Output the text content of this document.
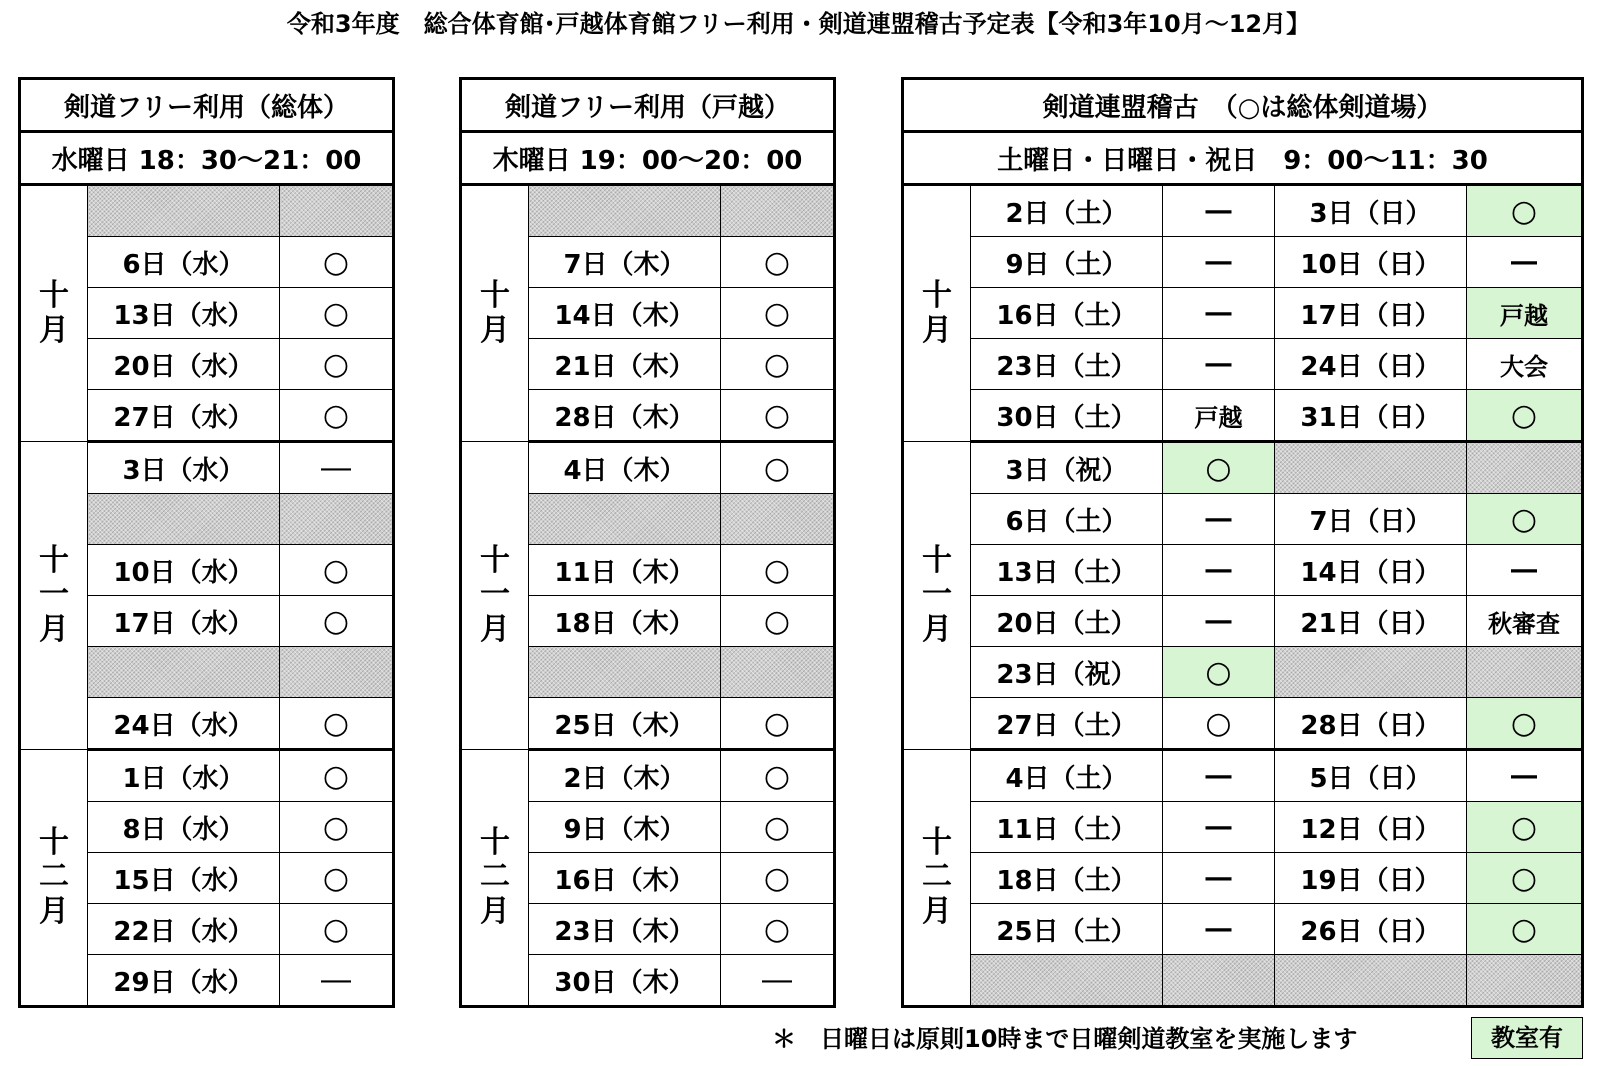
令和3年度　総合体育館･戸越体育館フリー利用・剣道連盟稽古予定表【令和3年10月～12月】
剣道フリー利用（総体）		
水曜日 18：30～21：00		
十
月		
	6日（水）	○
	13日（水）	○
	20日（水）	○
	27日（水）	○
十
一
月	3日（水）	―

	10日（水）	○
	17日（水）	○

	24日（水）	○
十
二
月	1日（水）	○
	8日（水）	○
	15日（水）	○
	22日（水）	○
	29日（水）	―
剣道フリー利用（戸越）		
木曜日 19：00～20：00		
十
月		
	7日（木）	○
	14日（木）	○
	21日（木）	○
	28日（木）	○
十
一
月	4日（木）	○

	11日（木）	○
	18日（木）	○

	25日（木）	○
十
二
月	2日（木）	○
	9日（木）	○
	16日（木）	○
	23日（木）	○
	30日（木）	―
剣道連盟稽古　（○は総体剣道場）				
土曜日・日曜日・祝日　9：00～11：30				
十
月	2日（土）	―	3日（日）	○
	9日（土）	―	10日（日）	―
	16日（土）	―	17日（日）	戸越
	23日（土）	―	24日（日）	大会
	30日（土）	戸越	31日（日）	○
十
一
月	3日（祝）	○		
	6日（土）	―	7日（日）	○
	13日（土）	―	14日（日）	―
	20日（土）	―	21日（日）	秋審査
	23日（祝）	○		
	27日（土）	○	28日（日）	○
十
二
月	4日（土）	―	5日（日）	―
	11日（土）	―	12日（日）	○
	18日（土）	―	19日（日）	○
	25日（土）	―	26日（日）	○

＊　日曜日は原則10時まで日曜剣道教室を実施します	教室有
